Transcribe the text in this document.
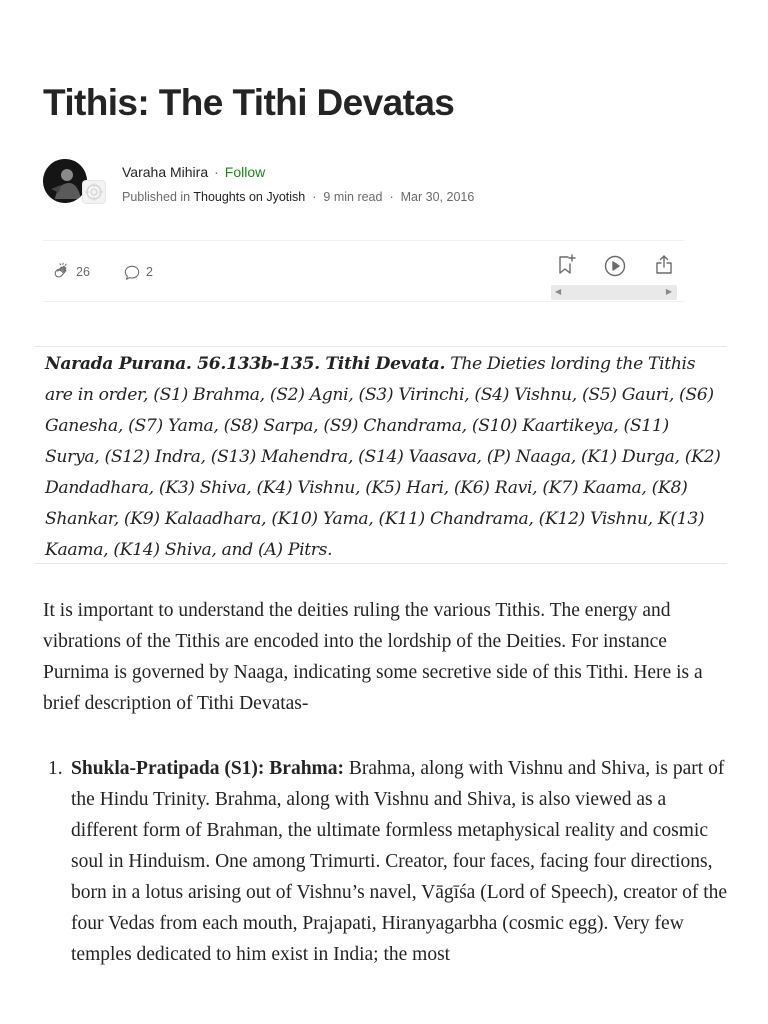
Tithis: The Tithi Devatas
Varaha Mihira · Follow
Published in Thoughts on Jyotish · 9 min read · Mar 30, 2016
26	2
◀	▶
Narada Purana. 56.133b-135. Tithi Devata. The Dieties lording the Tithis are in order, (S1) Brahma, (S2) Agni, (S3) Virinchi, (S4) Vishnu, (S5) Gauri, (S6) Ganesha, (S7) Yama, (S8) Sarpa, (S9) Chandrama, (S10) Kaartikeya, (S11) Surya, (S12) Indra, (S13) Mahendra, (S14) Vaasava, (P) Naaga, (K1) Durga, (K2) Dandadhara, (K3) Shiva, (K4) Vishnu, (K5) Hari, (K6) Ravi, (K7) Kaama, (K8) Shankar, (K9) Kalaadhara, (K10) Yama, (K11) Chandrama, (K12) Vishnu, K(13) Kaama, (K14) Shiva, and (A) Pitrs.

It is important to understand the deities ruling the various Tithis. The energy and vibrations of the Tithis are encoded into the lordship of the Deities. For instance Purnima is governed by Naaga, indicating some secretive side of this Tithi. Here is a brief description of Tithi Devatas-

1. Shukla-Pratipada (S1): Brahma: Brahma, along with Vishnu and Shiva, is part of the Hindu Trinity. Brahma, along with Vishnu and Shiva, is also viewed as a different form of Brahman, the ultimate formless metaphysical reality and cosmic soul in Hinduism. One among Trimurti. Creator, four faces, facing four directions, born in a lotus arising out of Vishnu’s navel, Vāgīśa (Lord of Speech), creator of the four Vedas from each mouth, Prajapati, Hiranyagarbha (cosmic egg). Very few temples dedicated to him exist in India; the most
